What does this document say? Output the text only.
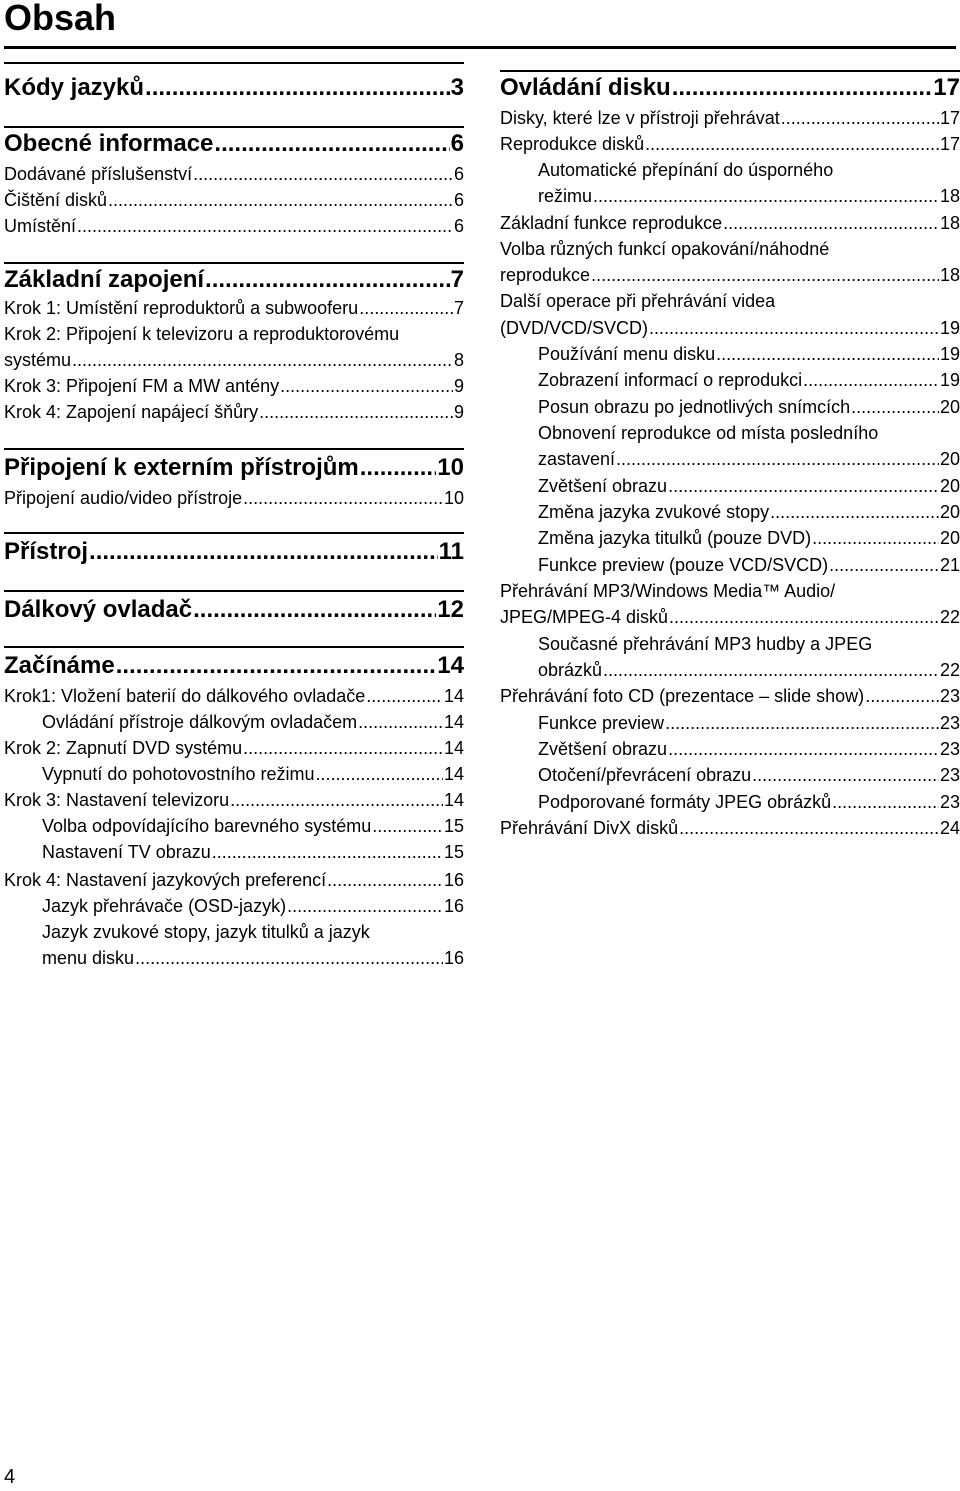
Obsah
Kódy jazyků .....	3
Obecné informace .....	6
Dodávané příslušenství .....	6
Čištění disků .....	6
Umístění .....	6
Základní zapojení .....	7
Krok 1: Umístění reproduktorů a subwooferu .....	7
Krok 2: Připojení k televizoru a reproduktorovému
systému .....	8
Krok 3: Připojení FM a MW antény .....	9
Krok 4: Zapojení napájecí šňůry .....	9
Připojení k externím přístrojům .....	10
Připojení audio/video přístroje .....	10
Přístroj .....	11
Dálkový ovladač .....	12
Začínáme .....	14
Krok1: Vložení baterií do dálkového ovladače .....	14
Ovládání přístroje dálkovým ovladačem .....	14
Krok 2: Zapnutí DVD systému .....	14
Vypnutí do pohotovostního režimu .....	14
Krok 3: Nastavení televizoru .....	14
Volba odpovídajícího barevného systému .....	15
Nastavení TV obrazu .....	15
Krok 4: Nastavení jazykových preferencí .....	16
Jazyk přehrávače (OSD-jazyk) .....	16
Jazyk zvukové stopy, jazyk titulků a jazyk
menu disku .....	16
Ovládání disku .....	17
Disky, které lze v přístroji přehrávat .....	17
Reprodukce disků .....	17
Automatické přepínání do úsporného
režimu .....	18
Základní funkce reprodukce .....	18
Volba různých funkcí opakování/náhodné
reprodukce .....	18
Další operace při přehrávání videa
(DVD/VCD/SVCD) .....	19
Používání menu disku .....	19
Zobrazení informací o reprodukci .....	19
Posun obrazu po jednotlivých snímcích .....	20
Obnovení reprodukce od místa posledního
zastavení .....	20
Zvětšení obrazu .....	20
Změna jazyka zvukové stopy .....	20
Změna jazyka titulků (pouze DVD) .....	20
Funkce preview (pouze VCD/SVCD) .....	21
Přehrávání MP3/Windows Media™ Audio/
JPEG/MPEG-4 disků .....	22
Současné přehrávání MP3 hudby a JPEG
obrázků .....	22
Přehrávání foto CD (prezentace – slide show) .....	23
Funkce preview .....	23
Zvětšení obrazu .....	23
Otočení/převrácení obrazu .....	23
Podporované formáty JPEG obrázků .....	23
Přehrávání DivX disků .....	24
4
